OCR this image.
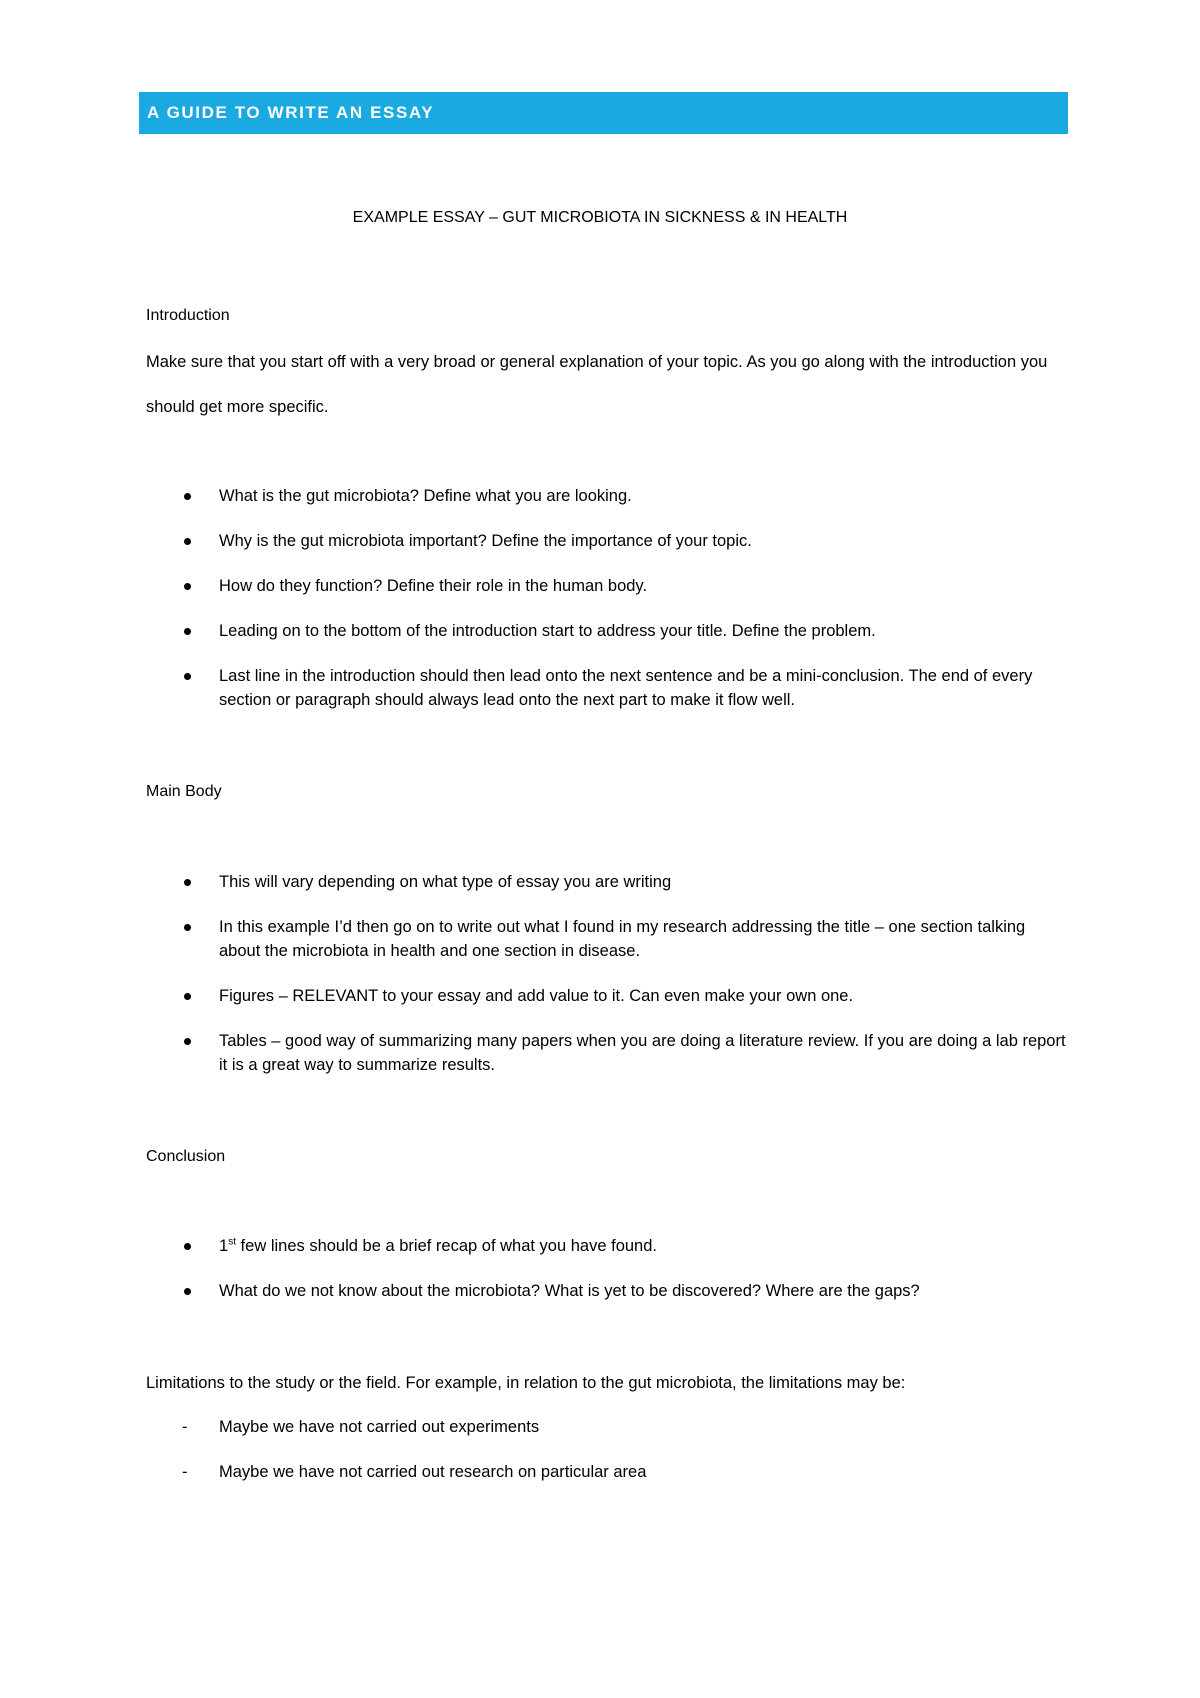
A GUIDE TO WRITE AN ESSAY
EXAMPLE ESSAY – GUT MICROBIOTA IN SICKNESS & IN HEALTH
Introduction
Make sure that you start off with a very broad or general explanation of your topic. As you go along with the introduction you should get more specific.
What is the gut microbiota? Define what you are looking.
Why is the gut microbiota important? Define the importance of your topic.
How do they function? Define their role in the human body.
Leading on to the bottom of the introduction start to address your title. Define the problem.
Last line in the introduction should then lead onto the next sentence and be a mini-conclusion. The end of every section or paragraph should always lead onto the next part to make it flow well.
Main Body
This will vary depending on what type of essay you are writing
In this example I’d then go on to write out what I found in my research addressing the title – one section talking about the microbiota in health and one section in disease.
Figures – RELEVANT to your essay and add value to it. Can even make your own one.
Tables – good way of summarizing many papers when you are doing a literature review. If you are doing a lab report it is a great way to summarize results.
Conclusion
1st few lines should be a brief recap of what you have found.
What do we not know about the microbiota? What is yet to be discovered? Where are the gaps?
Limitations to the study or the field. For example, in relation to the gut microbiota, the limitations may be:
- Maybe we have not carried out experiments
- Maybe we have not carried out research on particular area
